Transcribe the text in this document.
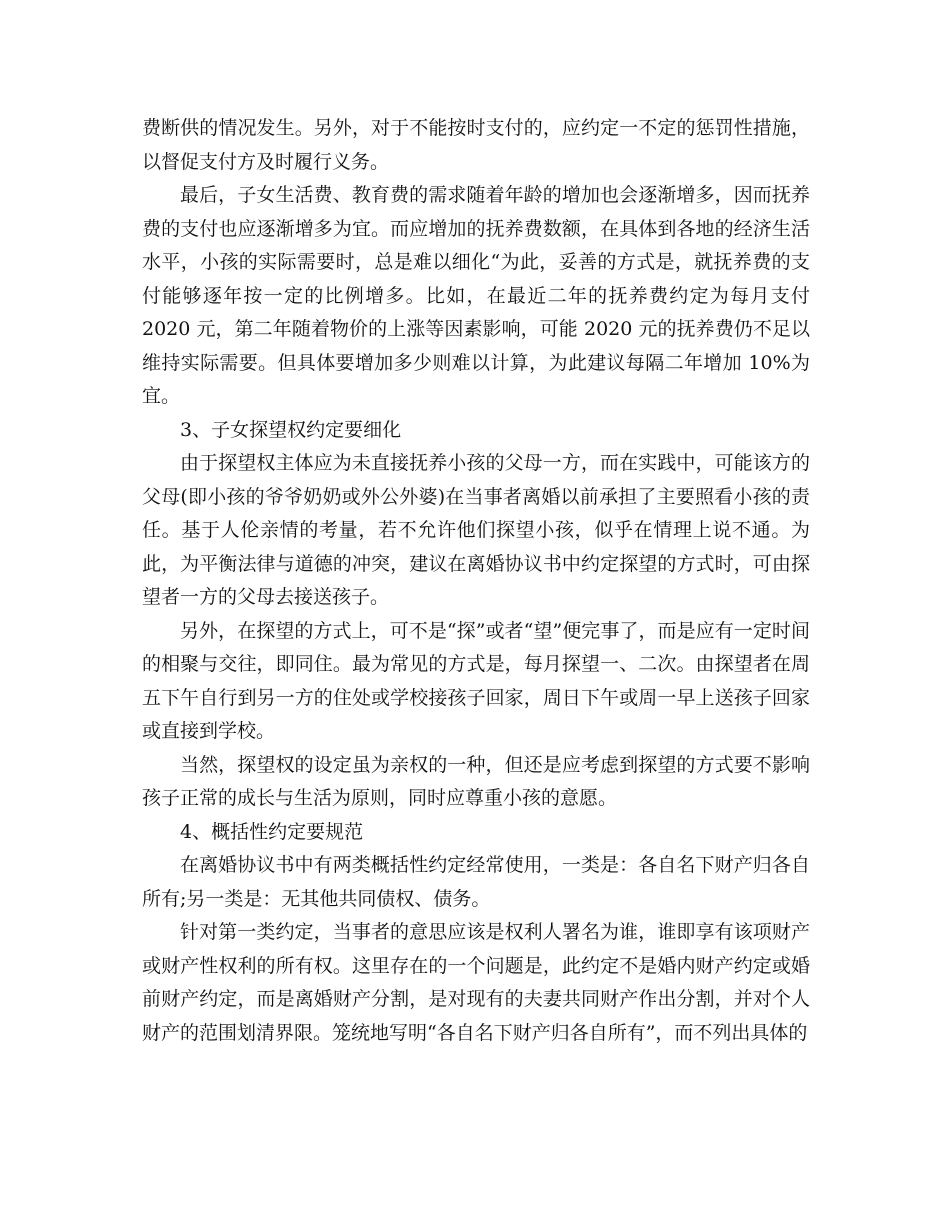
费断供的情况发生。另外，对于不能按时支付的，应约定一不定的惩罚性措施，以督促支付方及时履行义务。

最后，子女生活费、教育费的需求随着年龄的增加也会逐渐增多，因而抚养费的支付也应逐渐增多为宜。而应增加的抚养费数额，在具体到各地的经济生活水平，小孩的实际需要时，总是难以细化“为此，妥善的方式是，就抚养费的支付能够逐年按一定的比例增多。比如，在最近二年的抚养费约定为每月支付 2020 元，第二年随着物价的上涨等因素影响，可能 2020 元的抚养费仍不足以维持实际需要。但具体要增加多少则难以计算，为此建议每隔二年增加 10%为宜。

3、子女探望权约定要细化

由于探望权主体应为未直接抚养小孩的父母一方，而在实践中，可能该方的父母(即小孩的爷爷奶奶或外公外婆)在当事者离婚以前承担了主要照看小孩的责任。基于人伦亲情的考量，若不允许他们探望小孩，似乎在情理上说不通。为此，为平衡法律与道德的冲突，建议在离婚协议书中约定探望的方式时，可由探望者一方的父母去接送孩子。

另外，在探望的方式上，可不是“探”或者“望”便完事了，而是应有一定时间的相聚与交往，即同住。最为常见的方式是，每月探望一、二次。由探望者在周五下午自行到另一方的住处或学校接孩子回家，周日下午或周一早上送孩子回家或直接到学校。

当然，探望权的设定虽为亲权的一种，但还是应考虑到探望的方式要不影响孩子正常的成长与生活为原则，同时应尊重小孩的意愿。

4、概括性约定要规范

在离婚协议书中有两类概括性约定经常使用，一类是：各自名下财产归各自所有;另一类是：无其他共同债权、债务。

针对第一类约定，当事者的意思应该是权利人署名为谁，谁即享有该项财产或财产性权利的所有权。这里存在的一个问题是，此约定不是婚内财产约定或婚前财产约定，而是离婚财产分割，是对现有的夫妻共同财产作出分割，并对个人财产的范围划清界限。笼统地写明“各自名下财产归各自所有”，而不列出具体的
